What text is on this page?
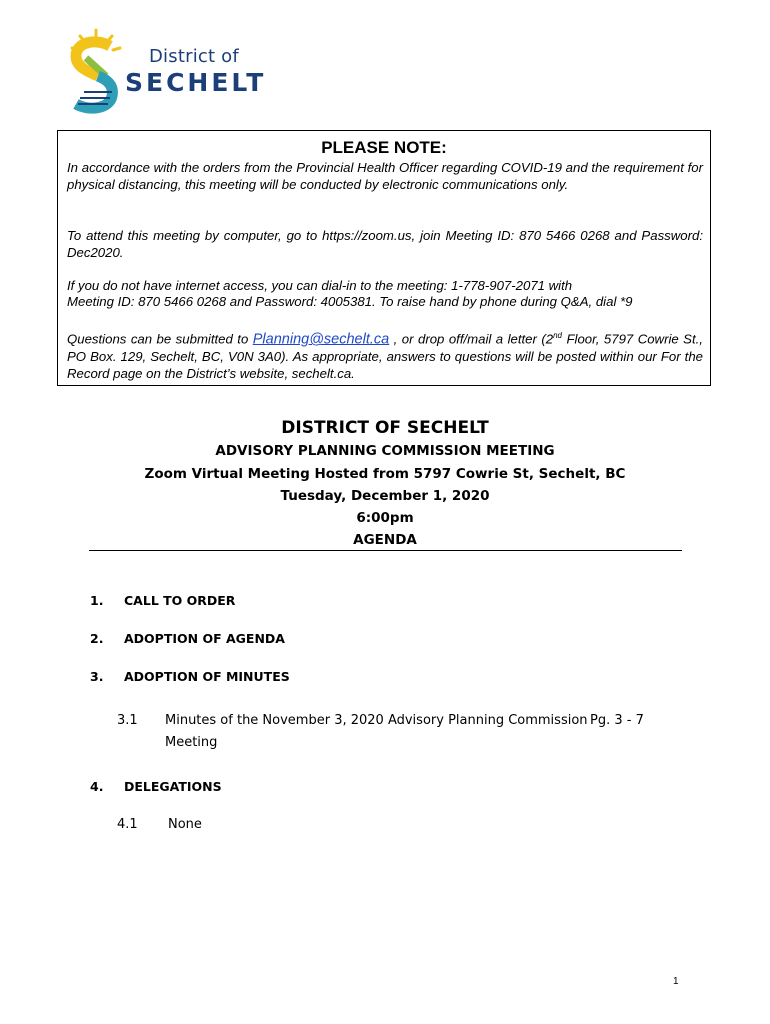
District of
SECHELT
PLEASE NOTE:

In accordance with the orders from the Provincial Health Officer regarding COVID-19 and the requirement for physical distancing, this meeting will be conducted by electronic communications only.

To attend this meeting by computer, go to https://zoom.us, join Meeting ID: 870 5466 0268 and Password: Dec2020.

If you do not have internet access, you can dial-in to the meeting: 1-778-907-2071 with
Meeting ID: 870 5466 0268 and Password: 4005381. To raise hand by phone during Q&A, dial *9

Questions can be submitted to Planning@sechelt.ca , or drop off/mail a letter (2nd Floor, 5797 Cowrie St., PO Box. 129, Sechelt, BC, V0N 3A0). As appropriate, answers to questions will be posted within our For the Record page on the District’s website, sechelt.ca.

DISTRICT OF SECHELT
ADVISORY PLANNING COMMISSION MEETING
Zoom Virtual Meeting Hosted from 5797 Cowrie St, Sechelt, BC
Tuesday, December 1, 2020
6:00pm
AGENDA
1. CALL TO ORDER
2. ADOPTION OF AGENDA
3. ADOPTION OF MINUTES
3.1 Minutes of the November 3, 2020 Advisory Planning Commission
Meeting
Pg. 3 - 7
4. DELEGATIONS
4.1 None
1
